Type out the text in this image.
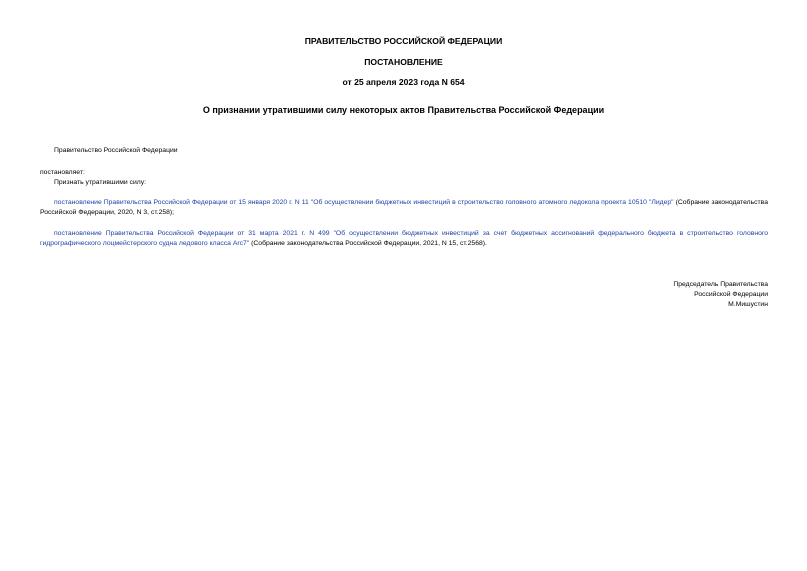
ПРАВИТЕЛЬСТВО РОССИЙСКОЙ ФЕДЕРАЦИИ
ПОСТАНОВЛЕНИЕ
от 25 апреля 2023 года N 654
О признании утратившими силу некоторых актов Правительства Российской Федерации
Правительство Российской Федерации
постановляет:
Признать утратившими силу:
постановление Правительства Российской Федерации от 15 января 2020 г. N 11 "Об осуществлении бюджетных инвестиций в строительство головного атомного ледокола проекта 10510 "Лидер" (Собрание законодательства Российской Федерации, 2020, N 3, ст.258);
постановление Правительства Российской Федерации от 31 марта 2021 г. N 499 "Об осуществлении бюджетных инвестиций за счет бюджетных ассигнований федерального бюджета в строительство головного гидрографического лоцмейстерского судна ледового класса Arc7" (Собрание законодательства Российской Федерации, 2021, N 15, ст.2568).
Председатель Правительства
Российской Федерации
М.Мишустин
